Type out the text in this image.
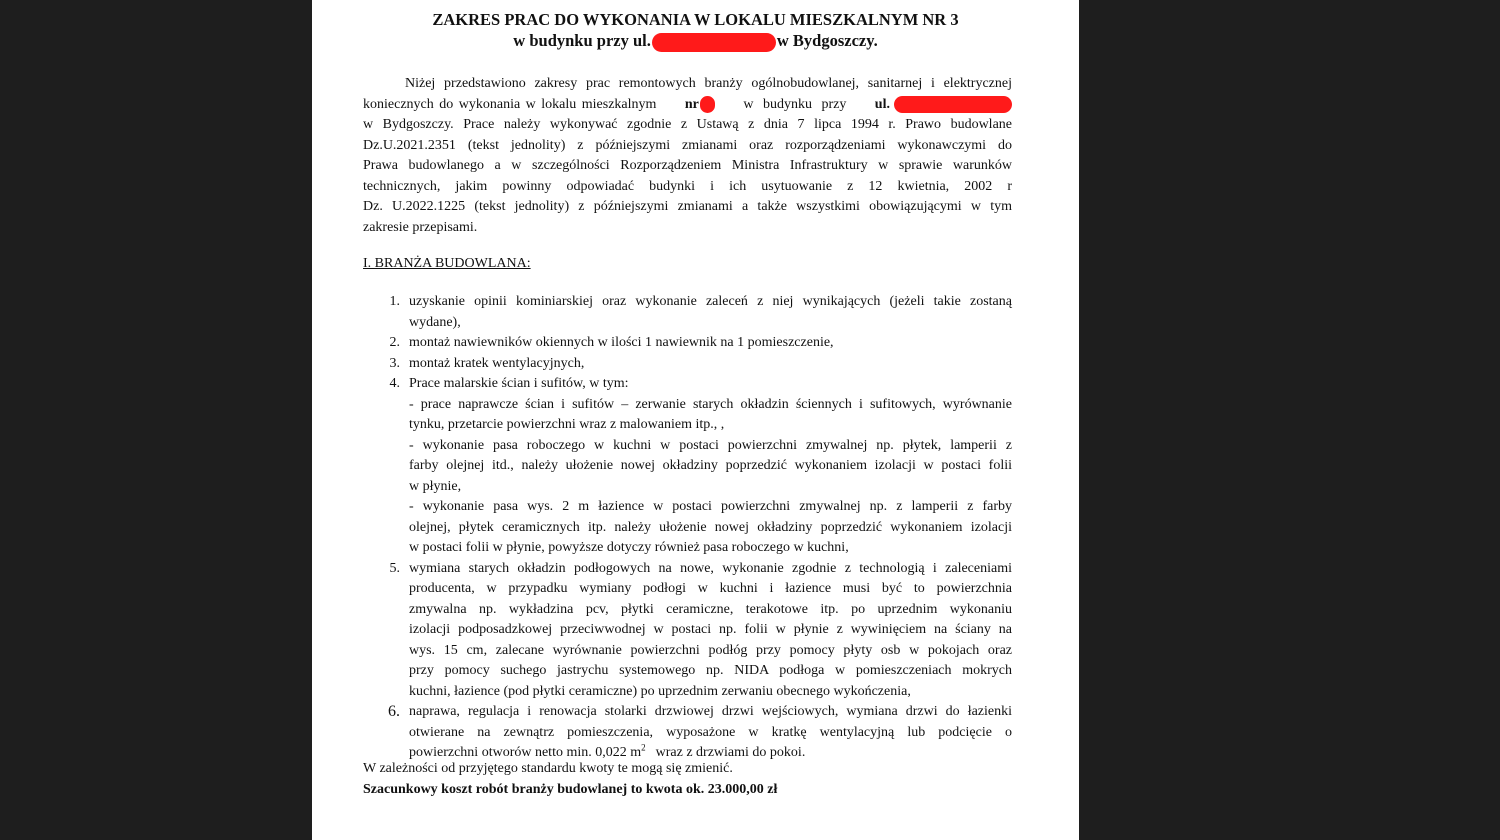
ZAKRES PRAC DO WYKONANIA W LOKALU MIESZKALNYM NR 3
w budynku przy ul.	w Bydgoszczy.
Niżej przedstawiono zakresy prac remontowych branży ogólnobudowlanej, sanitarnej i elektrycznej
koniecznych do wykonania w lokalu mieszkalnym nr	w budynku przy ul.
w Bydgoszczy. Prace należy wykonywać zgodnie z Ustawą z dnia 7 lipca 1994 r. Prawo budowlane
Dz.U.2021.2351 (tekst jednolity) z późniejszymi zmianami oraz rozporządzeniami wykonawczymi do
Prawa budowlanego a w szczególności Rozporządzeniem Ministra Infrastruktury w sprawie warunków
technicznych, jakim powinny odpowiadać budynki i ich usytuowanie z 12 kwietnia, 2002 r
Dz. U.2022.1225 (tekst jednolity) z późniejszymi zmianami a także wszystkimi obowiązującymi w tym
zakresie przepisami.
I. BRANŻA BUDOWLANA:
1. uzyskanie opinii kominiarskiej oraz wykonanie zaleceń z niej wynikających (jeżeli takie zostaną
wydane),
2. montaż nawiewników okiennych w ilości 1 nawiewnik na 1 pomieszczenie,
3. montaż kratek wentylacyjnych,
4. Prace malarskie ścian i sufitów, w tym:
- prace naprawcze ścian i sufitów – zerwanie starych okładzin ściennych i sufitowych, wyrównanie
tynku, przetarcie powierzchni wraz z malowaniem itp., ,
- wykonanie pasa roboczego w kuchni w postaci powierzchni zmywalnej np. płytek, lamperii z
farby olejnej itd., należy ułożenie nowej okładziny poprzedzić wykonaniem izolacji w postaci folii
w płynie,
- wykonanie pasa wys. 2 m łazience w postaci powierzchni zmywalnej np. z lamperii z farby
olejnej, płytek ceramicznych itp. należy ułożenie nowej okładziny poprzedzić wykonaniem izolacji
w postaci folii w płynie, powyższe dotyczy również pasa roboczego w kuchni,
5. wymiana starych okładzin podłogowych na nowe, wykonanie zgodnie z technologią i zaleceniami
producenta, w przypadku wymiany podłogi w kuchni i łazience musi być to powierzchnia
zmywalna np. wykładzina pcv, płytki ceramiczne, terakotowe itp. po uprzednim wykonaniu
izolacji podposadzkowej przeciwwodnej w postaci np. folii w płynie z wywinięciem na ściany na
wys. 15 cm, zalecane wyrównanie powierzchni podłóg przy pomocy płyty osb w pokojach oraz
przy pomocy suchego jastrychu systemowego np. NIDA podłoga w pomieszczeniach mokrych
kuchni, łazience (pod płytki ceramiczne) po uprzednim zerwaniu obecnego wykończenia,
6. naprawa, regulacja i renowacja stolarki drzwiowej drzwi wejściowych, wymiana drzwi do łazienki
otwierane na zewnątrz pomieszczenia, wyposażone w kratkę wentylacyjną lub podcięcie o
powierzchni otworów netto min. 0,022 $m^2$ wraz z drzwiami do pokoi.
W zależności od przyjętego standardu kwoty te mogą się zmienić.
Szacunkowy koszt robót branży budowlanej to kwota ok. 23.000,00 zł
